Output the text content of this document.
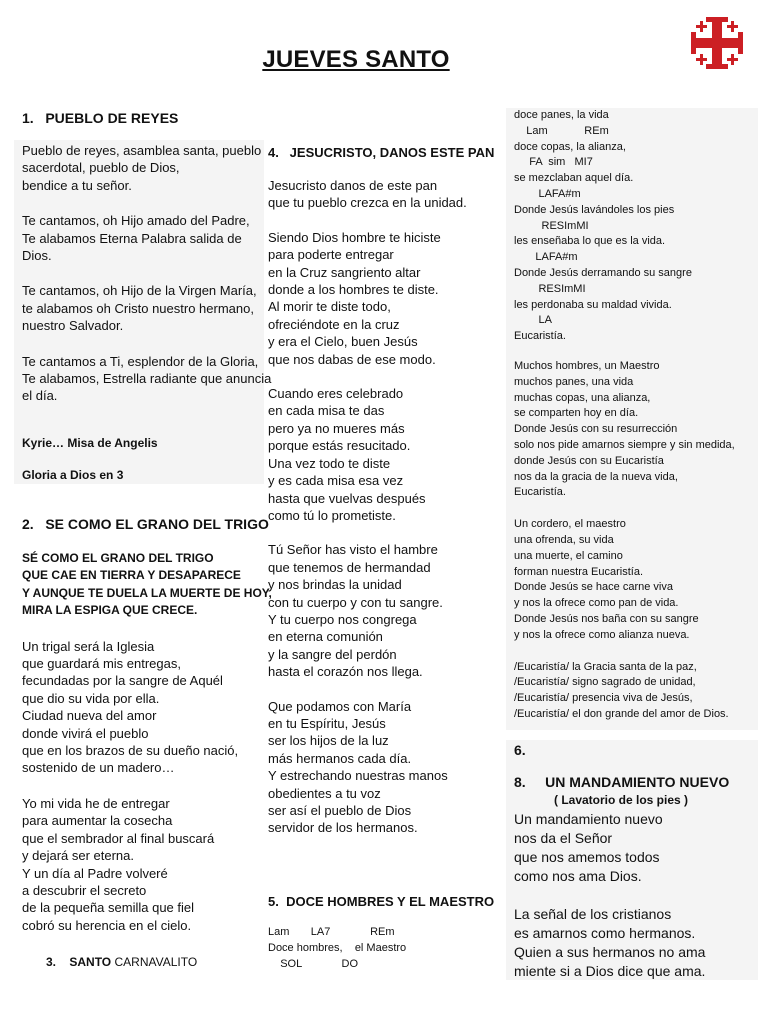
JUEVES SANTO

1.   PUEBLO DE REYES

Pueblo de reyes, asamblea santa, pueblo
sacerdotal, pueblo de Dios,
bendice a tu señor.

Te cantamos, oh Hijo amado del Padre,
Te alabamos Eterna Palabra salida de Dios.

Te cantamos, oh Hijo de la Virgen María,
te alabamos oh Cristo nuestro hermano,
nuestro Salvador.

Te cantamos a Ti, esplendor de la Gloria,
Te alabamos, Estrella radiante que anuncia
el día.

Kyrie… Misa de Angelis

Gloria a Dios en 3

2.   SE COMO EL GRANO DEL TRIGO

SÉ COMO EL GRANO DEL TRIGO
QUE CAE EN TIERRA Y DESAPARECE
Y AUNQUE TE DUELA LA MUERTE DE HOY,
MIRA LA ESPIGA QUE CRECE.

Un trigal será la Iglesia
que guardará mis entregas,
fecundadas por la sangre de Aquél
que dio su vida por ella.
Ciudad nueva del amor
donde vivirá el pueblo
que en los brazos de su dueño nació,
sostenido de un madero…

Yo mi vida he de entregar
para aumentar la cosecha
que el sembrador al final buscará
y dejará ser eterna.
Y un día al Padre volveré
a descubrir el secreto
de la pequeña semilla que fiel
cobró su herencia en el cielo.

3. SANTO CARNAVALITO

4.   JESUCRISTO, DANOS ESTE PAN

Jesucristo danos de este pan
que tu pueblo crezca en la unidad.

Siendo Dios hombre te hiciste
para poderte entregar
en la Cruz sangriento altar
donde a los hombres te diste.
Al morir te diste todo,
ofreciéndote en la cruz
y era el Cielo, buen Jesús
que nos dabas de ese modo.

Cuando eres celebrado
en cada misa te das
pero ya no mueres más
porque estás resucitado.
Una vez todo te diste
y es cada misa esa vez
hasta que vuelvas después
como tú lo prometiste.

Tú Señor has visto el hambre
que tenemos de hermandad
y nos brindas la unidad
con tu cuerpo y con tu sangre.
Y tu cuerpo nos congrega
en eterna comunión
y la sangre del perdón
hasta el corazón nos llega.

Que podamos con María
en tu Espíritu, Jesús
ser los hijos de la luz
más hermanos cada día.
Y estrechando nuestras manos
obedientes a tu voz
ser así el pueblo de Dios
servidor de los hermanos.

5.  DOCE HOMBRES Y EL MAESTRO

Lam       LA7             REm

Doce hombres,    el Maestro

SOL             DO

doce panes, la vida

Lam            REm

doce copas, la alianza,

FA  sim   MI7

se mezclaban aquel día.

LAFA#m

Donde Jesús lavándoles los pies

RESImMI

les enseñaba lo que es la vida.

LAFA#m

Donde Jesús derramando su sangre

RESImMI

les perdonaba su maldad vivida.

LA

Eucaristía.

Muchos hombres, un Maestro
muchos panes, una vida
muchas copas, una alianza,
se comparten hoy en día.
Donde Jesús con su resurrección
solo nos pide amarnos siempre y sin medida,
donde Jesús con su Eucaristía
nos da la gracia de la nueva vida,
Eucaristía.

Un cordero, el maestro
una ofrenda, su vida
una muerte, el camino
forman nuestra Eucaristía.
Donde Jesús se hace carne viva
y nos la ofrece como pan de vida.
Donde Jesús nos baña con su sangre
y nos la ofrece como alianza nueva.

/Eucaristía/ la Gracia santa de la paz,
/Eucaristía/ signo sagrado de unidad,
/Eucaristía/ presencia viva de Jesús,
/Eucaristía/ el don grande del amor de Dios.

6.

8.     UN MANDAMIENTO NUEVO

( Lavatorio de los pies )

Un mandamiento nuevo
nos da el Señor
que nos amemos todos
como nos ama Dios.

La señal de los cristianos
es amarnos como hermanos.
Quien a sus hermanos no ama
miente si a Dios dice que ama.
